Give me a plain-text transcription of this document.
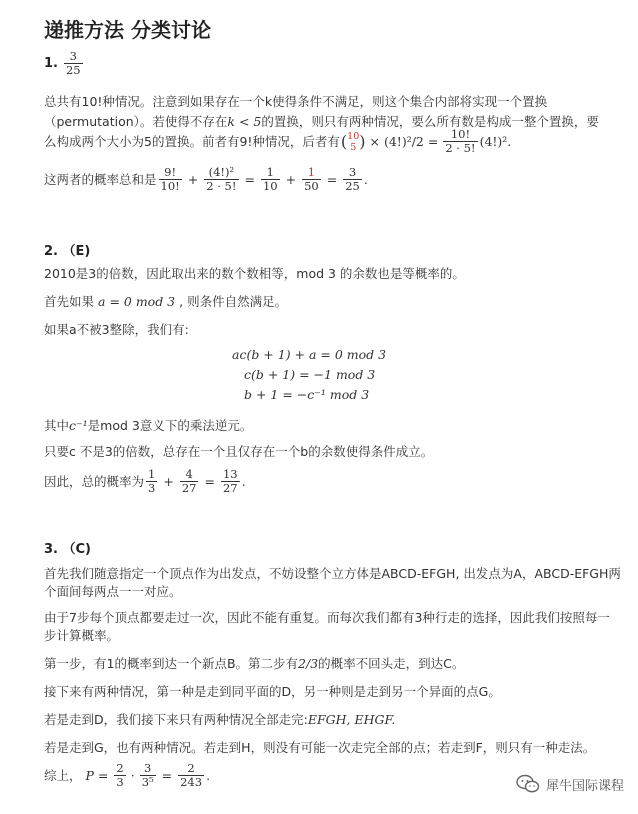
递推方法 分类讨论
1. $\frac{3}{25}$
总共有10!种情况。注意到如果存在一个k使得条件不满足，则这个集合内部将实现一个置换
（permutation）。若使得不存在k < 5的置换，则只有两种情况，要么所有数是构成一整个置换，要
么构成两个大小为5的置换。前者有9!种情况，后者有 ( 10
5 ) × $(4!)^2/2 = \frac{10!}{2 \cdot 5!} (4!)^2$.
这两者的概率总和是 $\frac{9!}{10!} + \frac{\text{(4!)²}}{2 \cdot 5!} = \frac{1}{10} + \frac{1}{50} = \frac{3}{25}$ .
2. （E)
2010是3的倍数，因此取出来的数个数相等，mod 3 的余数也是等概率的。
首先如果 a = 0 mod 3 , 则条件自然满足。
如果a不被3整除，我们有:
ac(b + 1) + a = 0 mod 3
c(b + 1) = −1 mod 3
b + 1 = −c⁻¹ mod 3
其中c⁻¹是mod 3意义下的乘法逆元。
只要c 不是3的倍数，总存在一个且仅存在一个b的余数使得条件成立。
因此，总的概率为 $\frac{1}{3} + \frac{4}{27} = \frac{13}{27}$ .
3. （C)
首先我们随意指定一个顶点作为出发点，不妨设整个立方体是ABCD-EFGH, 出发点为A，ABCD-EFGH两
个面间每两点一一对应。
由于7步每个顶点都要走过一次，因此不能有重复。而每次我们都有3种行走的选择，因此我们按照每一
步计算概率。
第一步，有1的概率到达一个新点B。第二步有2/3的概率不回头走，到达C。
接下来有两种情况，第一种是走到同平面的D，另一种则是走到另一个异面的点G。
若是走到D，我们接下来只有两种情况全部走完:EFGH, EHGF.
若是走到G，也有两种情况。若走到H，则没有可能一次走完全部的点；若走到F，则只有一种走法。
综上， $P = \frac{2}{3} \cdot \frac{3}{\text{3⁵}} = \frac{2}{243}$ .
犀牛国际课程
